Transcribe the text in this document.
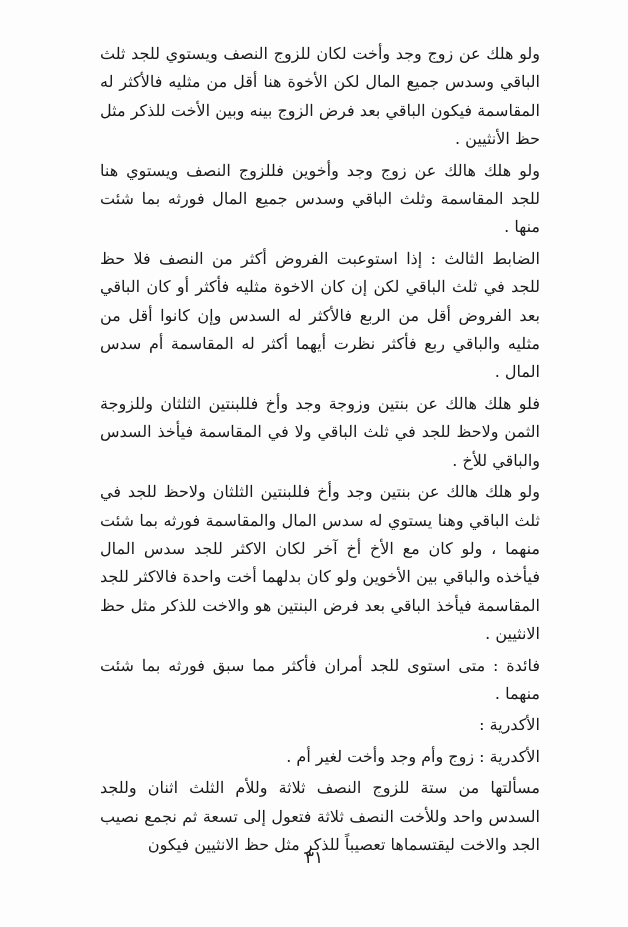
ولو هلك عن زوج وجد وأخت لكان للزوج النصف ويستوي للجد ثلث الباقي وسدس جميع المال لكن الأخوة هنا أقل من مثليه فالأكثر له المقاسمة فيكون الباقي بعد فرض الزوج بينه وبين الأخت للذكر مثل حظ الأنثيين .

ولو هلك هالك عن زوج وجد وأخوين فللزوج النصف ويستوي هنا للجد المقاسمة وثلث الباقي وسدس جميع المال فورثه بما شئت منها .

الضابط الثالث : إذا استوعبت الفروض أكثر من النصف فلا حظ للجد في ثلث الباقي لكن إن كان الاخوة مثليه فأكثر أو كان الباقي بعد الفروض أقل من الربع فالأكثر له السدس وإن كانوا أقل من مثليه والباقي ربع فأكثر نظرت أيهما أكثر له المقاسمة أم سدس المال .

فلو هلك هالك عن بنتين وزوجة وجد وأخ فللبنتين الثلثان وللزوجة الثمن ولاحظ للجد في ثلث الباقي ولا في المقاسمة فيأخذ السدس والباقي للأخ .

ولو هلك هالك عن بنتين وجد وأخ فللبنتين الثلثان ولاحظ للجد في ثلث الباقي وهنا يستوي له سدس المال والمقاسمة فورثه بما شئت منهما ، ولو كان مع الأخ أخ آخر لكان الاكثر للجد سدس المال فيأخذه والباقي بين الأخوين ولو كان بدلهما أخت واحدة فالاكثر للجد المقاسمة فيأخذ الباقي بعد فرض البنتين هو والاخت للذكر مثل حظ الانثيين .

فائدة : متى استوى للجد أمران فأكثر مما سبق فورثه بما شئت منهما .

الأكدرية :

الأكدرية : زوج وأم وجد وأخت لغير أم .

مسألتها من ستة للزوج النصف ثلاثة وللأم الثلث اثنان وللجد السدس واحد وللأخت النصف ثلاثة فتعول إلى تسعة ثم نجمع نصيب الجد والاخت ليقتسماها تعصيباً للذكر مثل حظ الانثيين فيكون

٣١
